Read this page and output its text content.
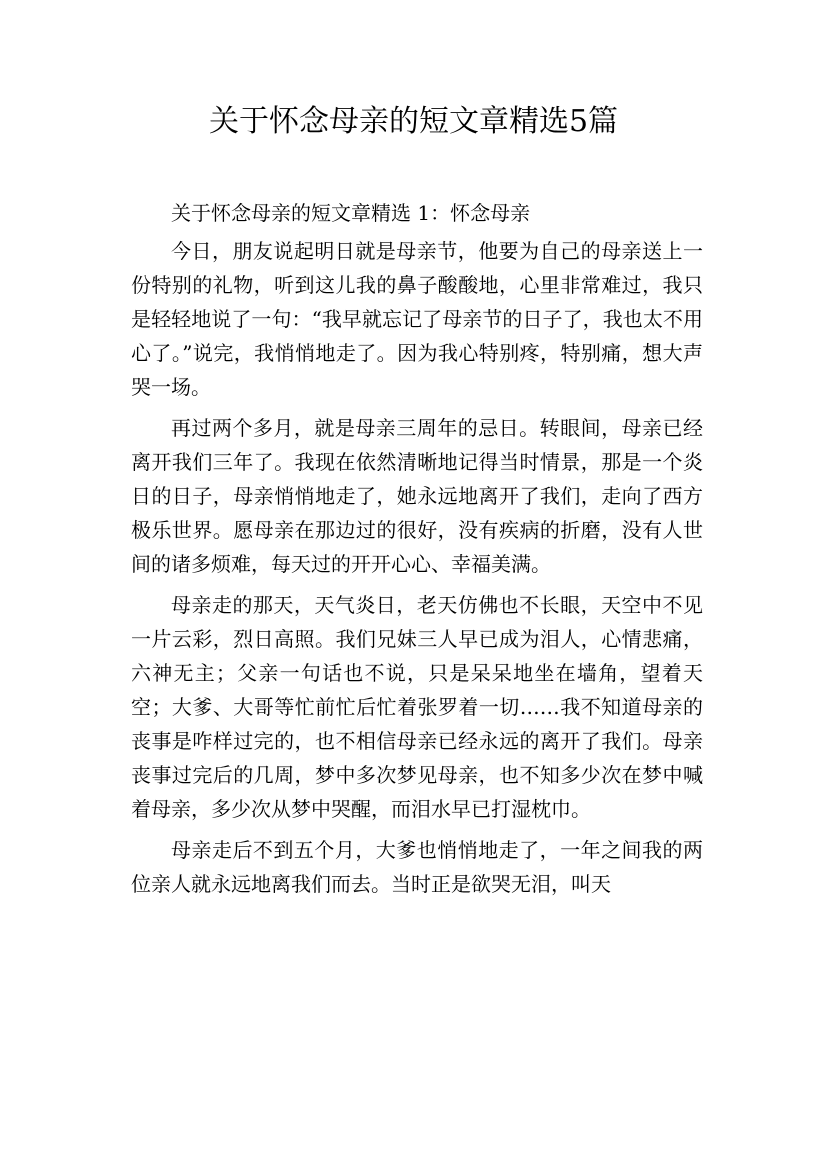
关于怀念母亲的短文章精选5篇

关于怀念母亲的短文章精选 1：怀念母亲

今日，朋友说起明日就是母亲节，他要为自己的母亲送上一份特别的礼物，听到这儿我的鼻子酸酸地，心里非常难过，我只是轻轻地说了一句：“我早就忘记了母亲节的日子了，我也太不用心了。”说完，我悄悄地走了。因为我心特别疼，特别痛，想大声哭一场。

再过两个多月，就是母亲三周年的忌日。转眼间，母亲已经离开我们三年了。我现在依然清晰地记得当时情景，那是一个炎日的日子，母亲悄悄地走了，她永远地离开了我们，走向了西方极乐世界。愿母亲在那边过的很好，没有疾病的折磨，没有人世间的诸多烦难，每天过的开开心心、幸福美满。

母亲走的那天，天气炎日，老天仿佛也不长眼，天空中不见一片云彩，烈日高照。我们兄妹三人早已成为泪人，心情悲痛，六神无主；父亲一句话也不说，只是呆呆地坐在墙角，望着天空；大爹、大哥等忙前忙后忙着张罗着一切……我不知道母亲的丧事是咋样过完的，也不相信母亲已经永远的离开了我们。母亲丧事过完后的几周，梦中多次梦见母亲，也不知多少次在梦中喊着母亲，多少次从梦中哭醒，而泪水早已打湿枕巾。

母亲走后不到五个月，大爹也悄悄地走了，一年之间我的两位亲人就永远地离我们而去。当时正是欲哭无泪，叫天
